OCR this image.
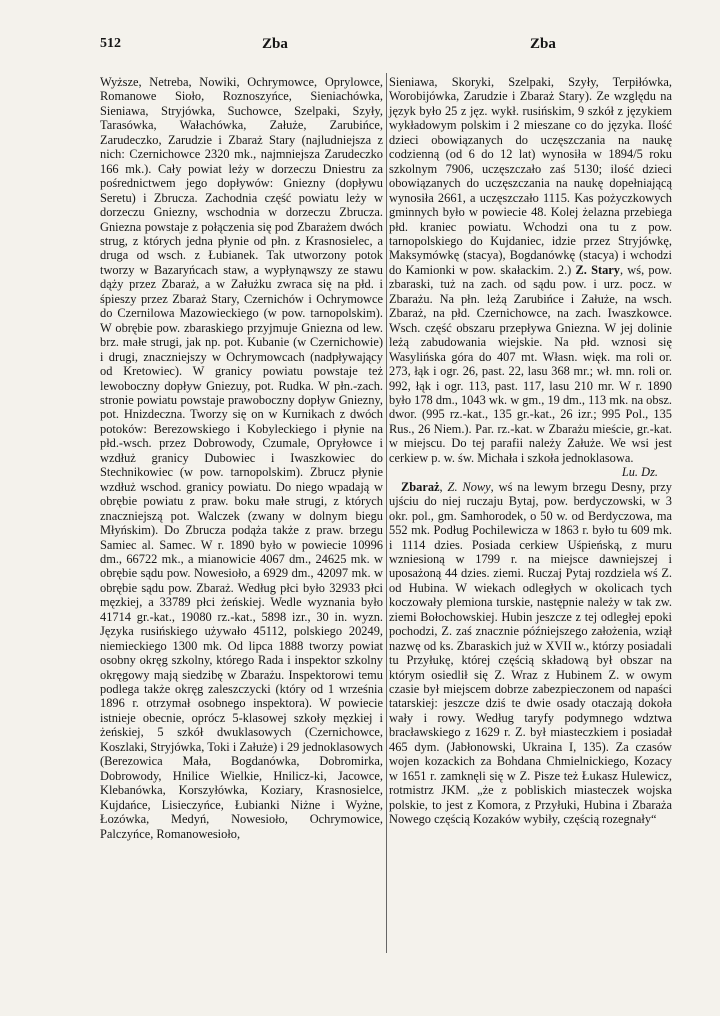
512	Zba	Zba

Wyższe, Netreba, Nowiki, Ochrymowce, Oprylowce, Romanowe Sioło, Roznoszyńce, Sieniachówka, Sieniawa, Stryjówka, Suchowce, Szelpaki, Szyły, Tarasówka, Wałachówka, Załuże, Zarubińce, Zarudeczko, Zarudzie i Zbaraż Stary (najludniejsza z nich: Czernichowce 2320 mk., najmniejsza Zarudeczko 166 mk.). Cały powiat leży w dorzeczu Dniestru za pośrednictwem jego dopływów: Gniezny (dopływu Seretu) i Zbrucza. Zachodnia część powiatu leży w dorzeczu Gniezny, wschodnia w dorzeczu Zbrucza. Gniezna powstaje z połączenia się pod Zbarażem dwóch strug, z których jedna płynie od płn. z Krasnosielec, a druga od wsch. z Łubianek. Tak utworzony potok tworzy w Bazaryńcach staw, a wypłynąwszy ze stawu dąży przez Zbaraż, a w Załużku zwraca się na płd. i śpieszy przez Zbaraż Stary, Czernichów i Ochrymowce do Czernilowa Mazowieckiego (w pow. tarnopolskim). W obrębie pow. zbaraskiego przyjmuje Gniezna od lew. brz. małe strugi, jak np. pot. Kubanie (w Czernichowie) i drugi, znaczniejszy w Ochrymowcach (nadpływający od Kretowiec). W granicy powiatu powstaje też lewoboczny dopływ Gniezuy, pot. Rudka. W płn.-zach. stronie powiatu powstaje prawoboczny dopływ Gniezny, pot. Hnizdeczna. Tworzy się on w Kurnikach z dwóch potoków: Berezowskiego i Kobyleckiego i płynie na płd.-wsch. przez Dobrowody, Czumale, Opryłowce i wzdłuż granicy Dubowiec i Iwaszkowiec do Stechnikowiec (w pow. tarnopolskim). Zbrucz płynie wzdłuż wschod. granicy powiatu. Do niego wpadają w obrębie powiatu z praw. boku małe strugi, z których znaczniejszą pot. Walczek (zwany w dolnym biegu Młyńskim). Do Zbrucza podąża także z praw. brzegu Samiec al. Samec. W r. 1890 było w powiecie 10996 dm., 66722 mk., a mianowicie 4067 dm., 24625 mk. w obrębie sądu pow. Nowesioło, a 6929 dm., 42097 mk. w obrębie sądu pow. Zbaraż. Według płci było 32933 płci męzkiej, a 33789 płci żeńskiej. Wedle wyznania było 41714 gr.-kat., 19080 rz.-kat., 5898 izr., 30 in. wyzn. Języka rusińskiego używało 45112, polskiego 20249, niemieckiego 1300 mk. Od lipca 1888 tworzy powiat osobny okręg szkolny, którego Rada i inspektor szkolny okręgowy mają siedzibę w Zbarażu. Inspektorowi temu podlega także okręg zaleszczycki (który od 1 września 1896 r. otrzymał osobnego inspektora). W powiecie istnieje obecnie, oprócz 5-klasowej szkoły męzkiej i żeńskiej, 5 szkół dwuklasowych (Czernichowce, Koszlaki, Stryjówka, Toki i Załuże) i 29 jednoklasowych (Berezowica Mała, Bogdanówka, Dobromirka, Dobrowody, Hnilice Wielkie, Hnilicz-ki, Jacowce, Klebanówka, Korszyłówka, Koziary, Krasnosielce, Kujdańce, Lisieczyńce, Łubianki Niżne i Wyżne, Łozówka, Medyń, Nowesioło, Ochrymowice, Palczyńce, Romanowesioło,

Sieniawa, Skoryki, Szelpaki, Szyły, Terpiłówka, Worobijówka, Zarudzie i Zbaraż Stary). Ze względu na język było 25 z jęz. wykł. rusińskim, 9 szkół z językiem wykładowym polskim i 2 mieszane co do języka. Ilość dzieci obowiązanych do uczęszczania na naukę codzienną (od 6 do 12 lat) wynosiła w 1894/5 roku szkolnym 7906, uczęszczało zaś 5130; ilość dzieci obowiązanych do uczęszczania na naukę dopełniającą wynosiła 2661, a uczęszczało 1115. Kas pożyczkowych gminnych było w powiecie 48. Kolej żelazna przebiega płd. kraniec powiatu. Wchodzi ona tu z pow. tarnopolskiego do Kujdaniec, idzie przez Stryjówkę, Maksymówkę (stacya), Bogdanówkę (stacya) i wchodzi do Kamionki w pow. skałackim. 2.) Z. Stary, wś, pow. zbaraski, tuż na zach. od sądu pow. i urz. pocz. w Zbarażu. Na płn. leżą Zarubińce i Załuże, na wsch. Zbaraż, na płd. Czernichowce, na zach. Iwaszkowce. Wsch. część obszaru przepływa Gniezna. W jej dolinie leżą zabudowania wiejskie. Na płd. wznosi się Wasylińska góra do 407 mt. Własn. więk. ma roli or. 273, łąk i ogr. 26, past. 22, lasu 368 mr.; wł. mn. roli or. 992, łąk i ogr. 113, past. 117, lasu 210 mr. W r. 1890 było 178 dm., 1043 wk. w gm., 19 dm., 113 mk. na obsz. dwor. (995 rz.-kat., 135 gr.-kat., 26 izr.; 995 Pol., 135 Rus., 26 Niem.). Par. rz.-kat. w Zbarażu mieście, gr.-kat. w miejscu. Do tej parafii należy Załuże. We wsi jest cerkiew p. w. św. Michała i szkoła jednoklasowa.

Lu. Dz.

Zbaraż, Z. Nowy, wś na lewym brzegu Desny, przy ujściu do niej ruczaju Bytaj, pow. berdyczowski, w 3 okr. pol., gm. Samhorodek, o 50 w. od Berdyczowa, ma 552 mk. Podług Pochilewicza w 1863 r. było tu 609 mk. i 1114 dzies. Posiada cerkiew Uśpieńską, z muru wzniesioną w 1799 r. na miejsce dawniejszej i uposażoną 44 dzies. ziemi. Ruczaj Pytaj rozdziela wś Z. od Hubina. W wiekach odległych w okolicach tych koczowały plemiona turskie, następnie należy w tak zw. ziemi Bołochowskiej. Hubin jeszcze z tej odległej epoki pochodzi, Z. zaś znacznie późniejszego założenia, wziął nazwę od ks. Zbaraskich już w XVII w., którzy posiadali tu Przyłukę, której częścią składową był obszar na którym osiedlił się Z. Wraz z Hubinem Z. w owym czasie był miejscem dobrze zabezpieczonem od napaści tatarskiej: jeszcze dziś te dwie osady otaczają dokoła wały i rowy. Według taryfy podymnego wdztwa bracławskiego z 1629 r. Z. był miasteczkiem i posiadał 465 dym. (Jabłonowski, Ukraina I, 135). Za czasów wojen kozackich za Bohdana Chmielnickiego, Kozacy w 1651 r. zamknęli się w Z. Pisze też Łukasz Hulewicz, rotmistrz JKM. „że z pobliskich miasteczek wojska polskie, to jest z Komora, z Przyłuki, Hubina i Zbaraża Nowego częścią Kozaków wybiły, częścią rozegnały“
